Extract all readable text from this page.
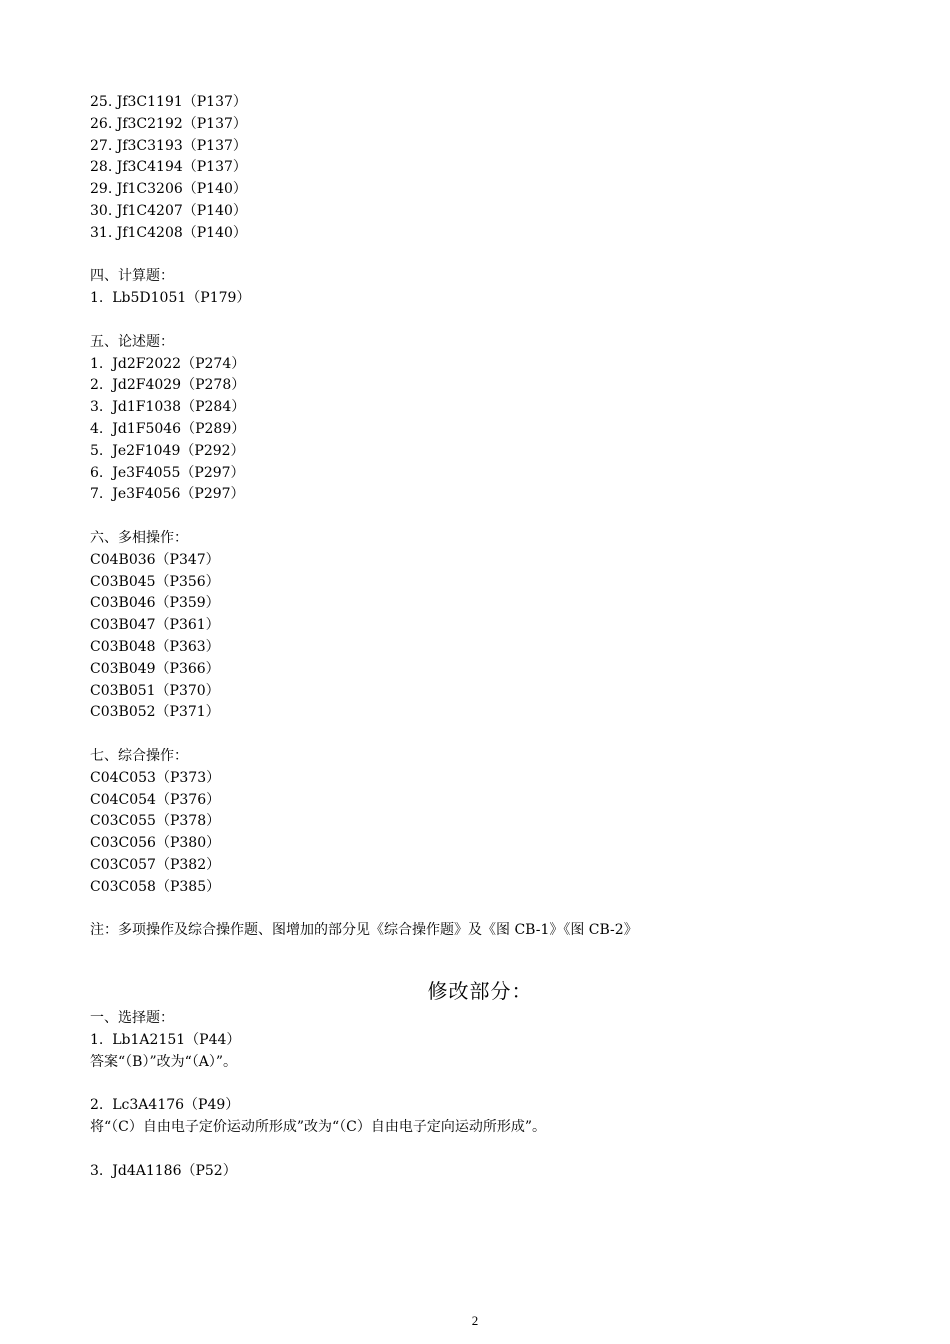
25. Jf3C1191（P137）
26. Jf3C2192（P137）
27. Jf3C3193（P137）
28. Jf3C4194（P137）
29. Jf1C3206（P140）
30. Jf1C4207（P140）
31. Jf1C4208（P140）
四、计算题：
1.  Lb5D1051（P179）
五、论述题：
1.  Jd2F2022（P274）
2.  Jd2F4029（P278）
3.  Jd1F1038（P284）
4.  Jd1F5046（P289）
5.  Je2F1049（P292）
6.  Je3F4055（P297）
7.  Je3F4056（P297）
六、多相操作：
C04B036（P347）
C03B045（P356）
C03B046（P359）
C03B047（P361）
C03B048（P363）
C03B049（P366）
C03B051（P370）
C03B052（P371）
七、综合操作：
C04C053（P373）
C04C054（P376）
C03C055（P378）
C03C056（P380）
C03C057（P382）
C03C058（P385）
注：多项操作及综合操作题、图增加的部分见《综合操作题》及《图 CB-1》《图 CB-2》
修改部分：
一、选择题：
1.  Lb1A2151（P44）
答案“（B）”改为“（A）”。
2.  Lc3A4176（P49）
将“（C）自由电子定价运动所形成”改为“（C）自由电子定向运动所形成”。
3.  Jd4A1186（P52）
2
